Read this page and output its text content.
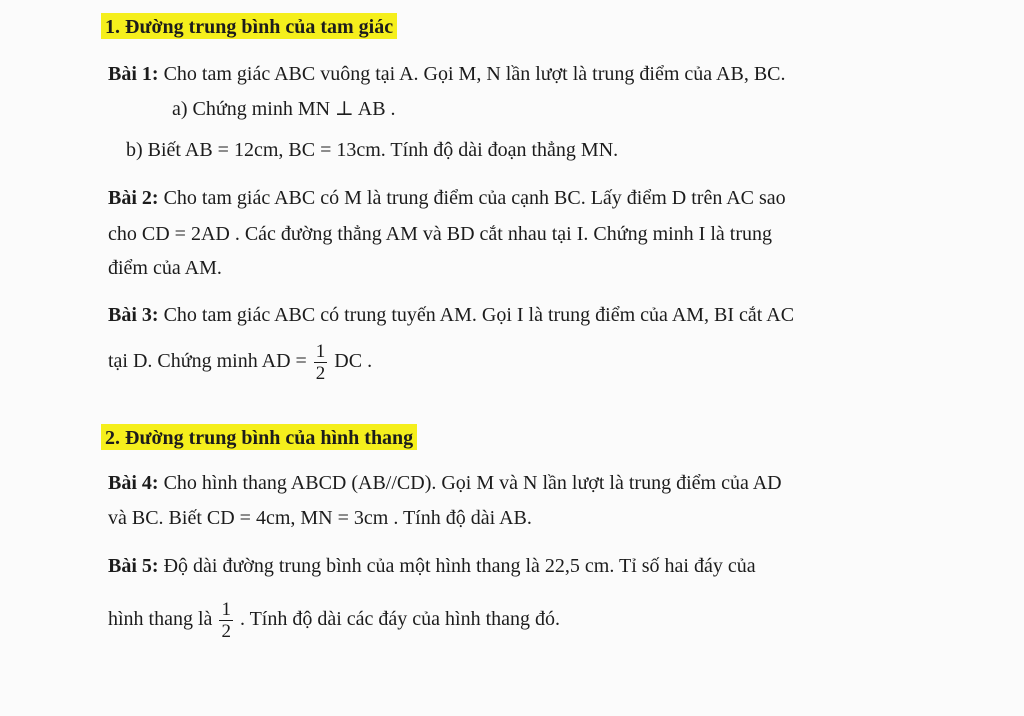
1. Đường trung bình của tam giác
Bài 1: Cho tam giác ABC vuông tại A. Gọi M, N lần lượt là trung điểm của AB, BC.
a) Chứng minh MN ⊥ AB .
b) Biết AB = 12cm, BC = 13cm. Tính độ dài đoạn thẳng MN.
Bài 2: Cho tam giác ABC có M là trung điểm của cạnh BC. Lấy điểm D trên AC sao
cho CD = 2AD . Các đường thẳng AM và BD cắt nhau tại I. Chứng minh I là trung
điểm của AM.
Bài 3: Cho tam giác ABC có trung tuyến AM. Gọi I là trung điểm của AM, BI cắt AC
tại D. Chứng minh AD = $\frac{1}{2}$ DC .
2. Đường trung bình của hình thang
Bài 4: Cho hình thang ABCD (AB//CD). Gọi M và N lần lượt là trung điểm của AD
và BC. Biết CD = 4cm, MN = 3cm . Tính độ dài AB.
Bài 5: Độ dài đường trung bình của một hình thang là 22,5 cm. Tỉ số hai đáy của
hình thang là $\frac{1}{2}$ . Tính độ dài các đáy của hình thang đó.
